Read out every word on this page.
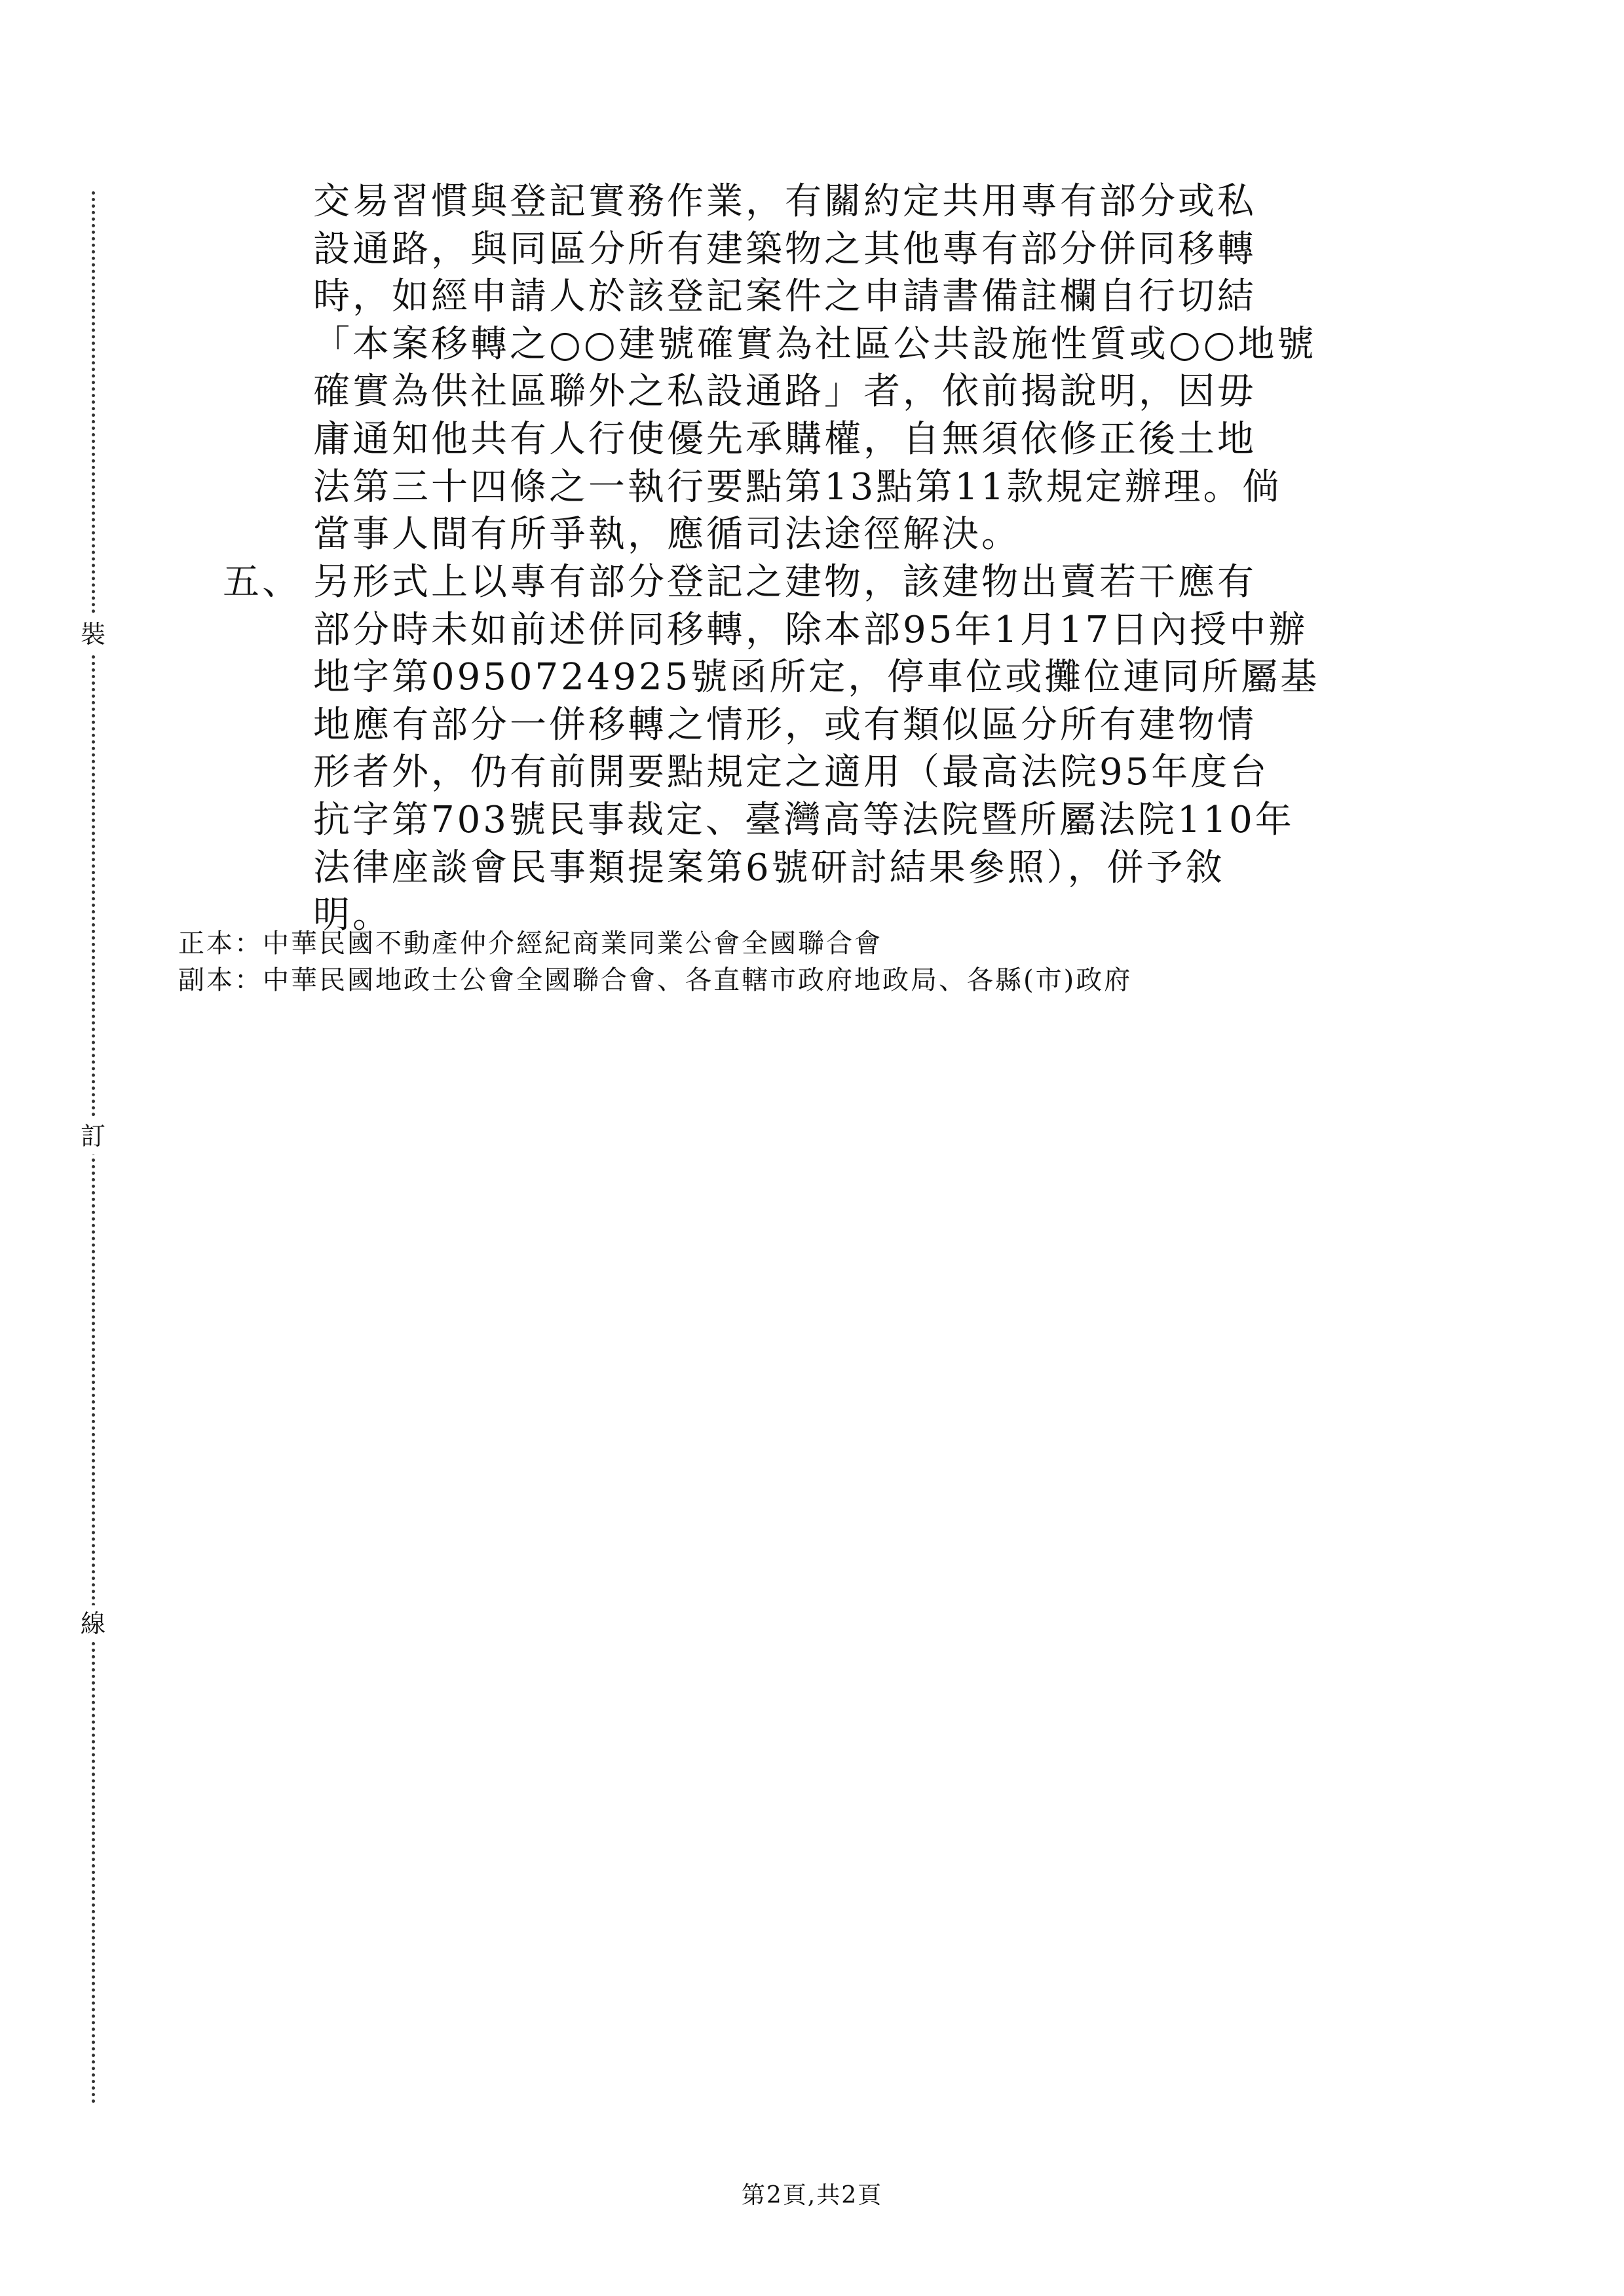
裝
訂
線
交易習慣與登記實務作業，有關約定共用專有部分或私
設通路，與同區分所有建築物之其他專有部分併同移轉
時，如經申請人於該登記案件之申請書備註欄自行切結
「本案移轉之○○建號確實為社區公共設施性質或○○地號
確實為供社區聯外之私設通路」者，依前揭說明，因毋
庸通知他共有人行使優先承購權，自無須依修正後土地
法第三十四條之一執行要點第13點第11款規定辦理。倘
當事人間有所爭執，應循司法途徑解決。
五、 另形式上以專有部分登記之建物，該建物出賣若干應有
部分時未如前述併同移轉，除本部95年1月17日內授中辦
地字第0950724925號函所定，停車位或攤位連同所屬基
地應有部分一併移轉之情形，或有類似區分所有建物情
形者外，仍有前開要點規定之適用（最高法院95年度台
抗字第703號民事裁定、臺灣高等法院暨所屬法院110年
法律座談會民事類提案第6號研討結果參照），併予敘
明。
正本：中華民國不動產仲介經紀商業同業公會全國聯合會
副本：中華民國地政士公會全國聯合會、各直轄市政府地政局、各縣(市)政府
第2頁,共2頁
